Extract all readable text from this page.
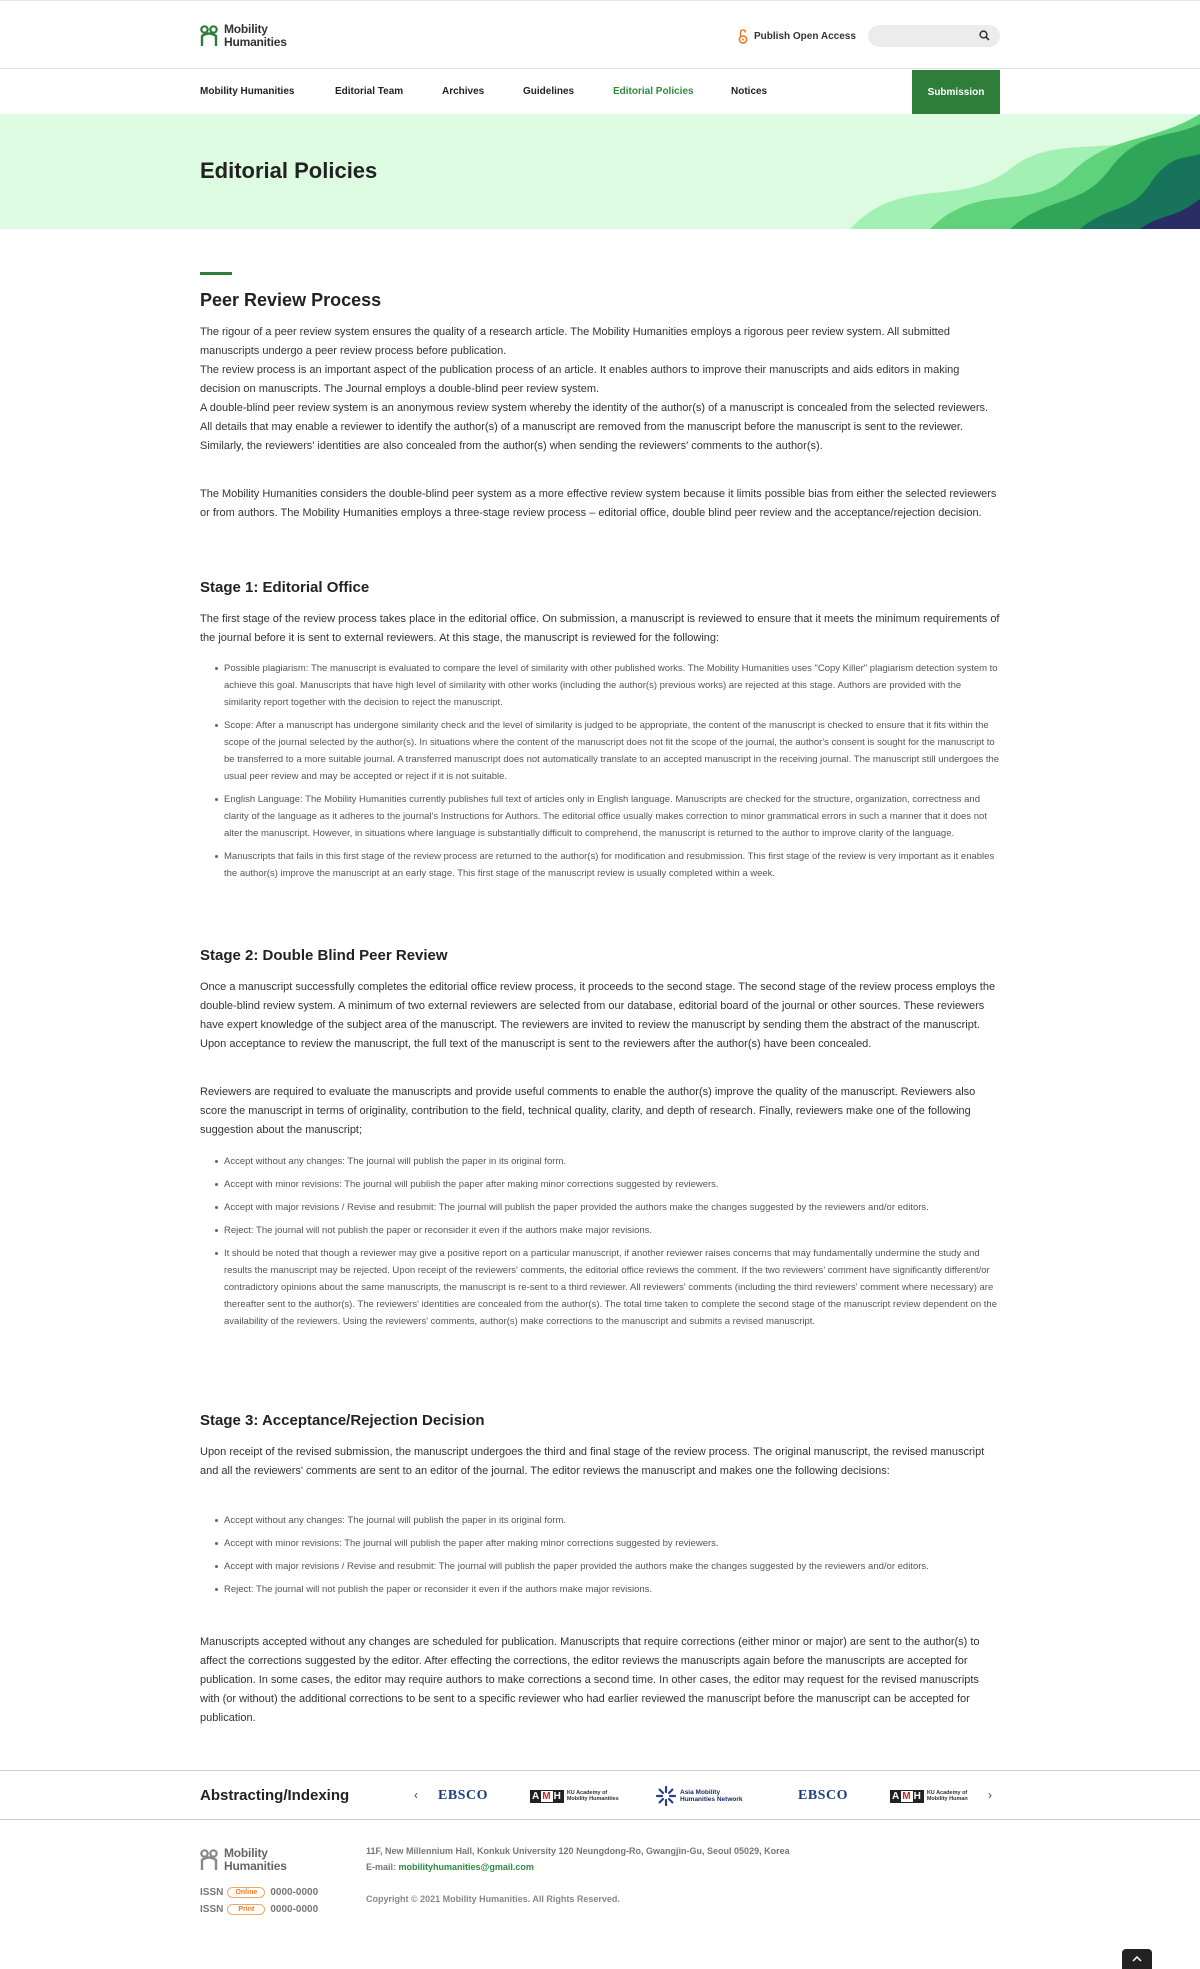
Mobility
Humanities	Publish Open Access
Mobility Humanities	Editorial Team	Archives	Guidelines	Editorial Policies	Notices	Submission
Editorial Policies
Peer Review Process

The rigour of a peer review system ensures the quality of a research article. The Mobility Humanities employs a rigorous peer review system. All submitted manuscripts undergo a peer review process before publication.

The review process is an important aspect of the publication process of an article. It enables authors to improve their manuscripts and aids editors in making decision on manuscripts. The Journal employs a double-blind peer review system.

A double-blind peer review system is an anonymous review system whereby the identity of the author(s) of a manuscript is concealed from the selected reviewers. All details that may enable a reviewer to identify the author(s) of a manuscript are removed from the manuscript before the manuscript is sent to the reviewer. Similarly, the reviewers' identities are also concealed from the author(s) when sending the reviewers' comments to the author(s).

The Mobility Humanities considers the double-blind peer system as a more effective review system because it limits possible bias from either the selected reviewers or from authors. The Mobility Humanities employs a three-stage review process – editorial office, double blind peer review and the acceptance/rejection decision.

Stage 1: Editorial Office

The first stage of the review process takes place in the editorial office. On submission, a manuscript is reviewed to ensure that it meets the minimum requirements of the journal before it is sent to external reviewers. At this stage, the manuscript is reviewed for the following:

Possible plagiarism: The manuscript is evaluated to compare the level of similarity with other published works. The Mobility Humanities uses "Copy Killer" plagiarism detection system to achieve this goal. Manuscripts that have high level of similarity with other works (including the author(s) previous works) are rejected at this stage. Authors are provided with the similarity report together with the decision to reject the manuscript.
Scope: After a manuscript has undergone similarity check and the level of similarity is judged to be appropriate, the content of the manuscript is checked to ensure that it fits within the scope of the journal selected by the author(s). In situations where the content of the manuscript does not fit the scope of the journal, the author's consent is sought for the manuscript to be transferred to a more suitable journal. A transferred manuscript does not automatically translate to an accepted manuscript in the receiving journal. The manuscript still undergoes the usual peer review and may be accepted or reject if it is not suitable.
English Language: The Mobility Humanities currently publishes full text of articles only in English language. Manuscripts are checked for the structure, organization, correctness and clarity of the language as it adheres to the journal's Instructions for Authors. The editorial office usually makes correction to minor grammatical errors in such a manner that it does not alter the manuscript. However, in situations where language is substantially difficult to comprehend, the manuscript is returned to the author to improve clarity of the language.
Manuscripts that fails in this first stage of the review process are returned to the author(s) for modification and resubmission. This first stage of the review is very important as it enables the author(s) improve the manuscript at an early stage. This first stage of the manuscript review is usually completed within a week.
Stage 2: Double Blind Peer Review

Once a manuscript successfully completes the editorial office review process, it proceeds to the second stage. The second stage of the review process employs the double-blind review system. A minimum of two external reviewers are selected from our database, editorial board of the journal or other sources. These reviewers have expert knowledge of the subject area of the manuscript. The reviewers are invited to review the manuscript by sending them the abstract of the manuscript. Upon acceptance to review the manuscript, the full text of the manuscript is sent to the reviewers after the author(s) have been concealed.

Reviewers are required to evaluate the manuscripts and provide useful comments to enable the author(s) improve the quality of the manuscript. Reviewers also score the manuscript in terms of originality, contribution to the field, technical quality, clarity, and depth of research. Finally, reviewers make one of the following suggestion about the manuscript;

Accept without any changes: The journal will publish the paper in its original form.
Accept with minor revisions: The journal will publish the paper after making minor corrections suggested by reviewers.
Accept with major revisions / Revise and resubmit: The journal will publish the paper provided the authors make the changes suggested by the reviewers and/or editors.
Reject: The journal will not publish the paper or reconsider it even if the authors make major revisions.
It should be noted that though a reviewer may give a positive report on a particular manuscript, if another reviewer raises concerns that may fundamentally undermine the study and results the manuscript may be rejected. Upon receipt of the reviewers' comments, the editorial office reviews the comment. If the two reviewers' comment have significantly different/or contradictory opinions about the same manuscripts, the manuscript is re-sent to a third reviewer. All reviewers' comments (including the third reviewers' comment where necessary) are thereafter sent to the author(s). The reviewers' identities are concealed from the author(s). The total time taken to complete the second stage of the manuscript review dependent on the availability of the reviewers. Using the reviewers' comments, author(s) make corrections to the manuscript and submits a revised manuscript.
Stage 3: Acceptance/Rejection Decision

Upon receipt of the revised submission, the manuscript undergoes the third and final stage of the review process. The original manuscript, the revised manuscript and all the reviewers' comments are sent to an editor of the journal. The editor reviews the manuscript and makes one the following decisions:

Accept without any changes: The journal will publish the paper in its original form.
Accept with minor revisions: The journal will publish the paper after making minor corrections suggested by reviewers.
Accept with major revisions / Revise and resubmit: The journal will publish the paper provided the authors make the changes suggested by the reviewers and/or editors.
Reject: The journal will not publish the paper or reconsider it even if the authors make major revisions.

Manuscripts accepted without any changes are scheduled for publication. Manuscripts that require corrections (either minor or major) are sent to the author(s) to affect the corrections suggested by the editor. After effecting the corrections, the editor reviews the manuscripts again before the manuscripts are accepted for publication. In some cases, the editor may require authors to make corrections a second time. In other cases, the editor may request for the revised manuscripts with (or without) the additional corrections to be sent to a specific reviewer who had earlier reviewed the manuscript before the manuscript can be accepted for publication.

Abstracting/Indexing	‹	›
EBSCO	A M H KU Academy of
Mobility Humanities
Asia Mobility
Humanities Network	EBSCO	A M H KU Academy of
Mobility Human
Mobility
Humanities
11F, New Millennium Hall, Konkuk University 120 Neungdong-Ro, Gwangjin-Gu, Seoul 05029, Korea
E-mail: mobilityhumanities@gmail.com
Copyright © 2021 Mobility Humanities. All Rights Reserved.
ISSN	Online	0000-0000
ISSN	Print	0000-0000
